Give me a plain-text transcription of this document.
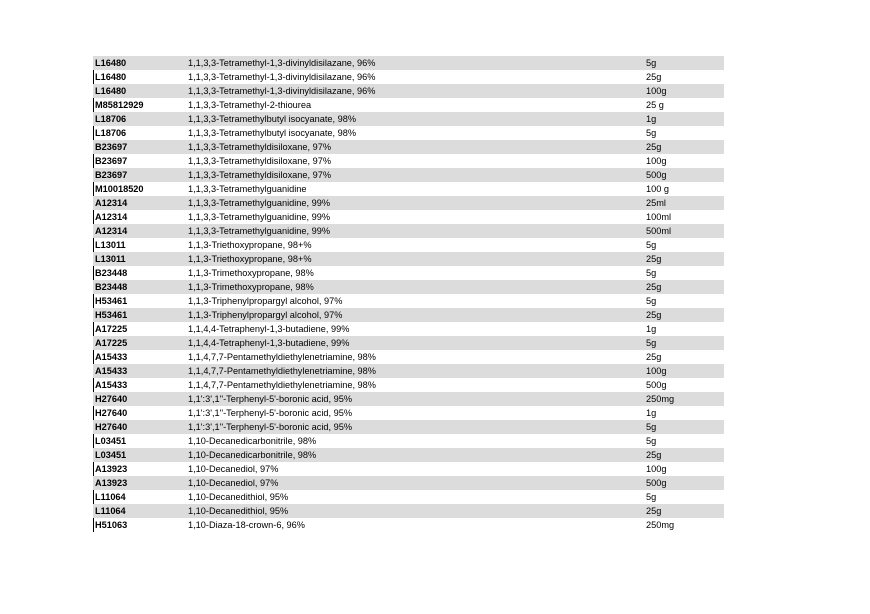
L16480	1,1,3,3-Tetramethyl-1,3-divinyldisilazane, 96%	5g
L16480	1,1,3,3-Tetramethyl-1,3-divinyldisilazane, 96%	25g
L16480	1,1,3,3-Tetramethyl-1,3-divinyldisilazane, 96%	100g
M85812929	1,1,3,3-Tetramethyl-2-thiourea	25 g
L18706	1,1,3,3-Tetramethylbutyl isocyanate, 98%	1g
L18706	1,1,3,3-Tetramethylbutyl isocyanate, 98%	5g
B23697	1,1,3,3-Tetramethyldisiloxane, 97%	25g
B23697	1,1,3,3-Tetramethyldisiloxane, 97%	100g
B23697	1,1,3,3-Tetramethyldisiloxane, 97%	500g
M10018520	1,1,3,3-Tetramethylguanidine	100 g
A12314	1,1,3,3-Tetramethylguanidine, 99%	25ml
A12314	1,1,3,3-Tetramethylguanidine, 99%	100ml
A12314	1,1,3,3-Tetramethylguanidine, 99%	500ml
L13011	1,1,3-Triethoxypropane, 98+%	5g
L13011	1,1,3-Triethoxypropane, 98+%	25g
B23448	1,1,3-Trimethoxypropane, 98%	5g
B23448	1,1,3-Trimethoxypropane, 98%	25g
H53461	1,1,3-Triphenylpropargyl alcohol, 97%	5g
H53461	1,1,3-Triphenylpropargyl alcohol, 97%	25g
A17225	1,1,4,4-Tetraphenyl-1,3-butadiene, 99%	1g
A17225	1,1,4,4-Tetraphenyl-1,3-butadiene, 99%	5g
A15433	1,1,4,7,7-Pentamethyldiethylenetriamine, 98%	25g
A15433	1,1,4,7,7-Pentamethyldiethylenetriamine, 98%	100g
A15433	1,1,4,7,7-Pentamethyldiethylenetriamine, 98%	500g
H27640	1,1':3',1''-Terphenyl-5'-boronic acid, 95%	250mg
H27640	1,1':3',1''-Terphenyl-5'-boronic acid, 95%	1g
H27640	1,1':3',1''-Terphenyl-5'-boronic acid, 95%	5g
L03451	1,10-Decanedicarbonitrile, 98%	5g
L03451	1,10-Decanedicarbonitrile, 98%	25g
A13923	1,10-Decanediol, 97%	100g
A13923	1,10-Decanediol, 97%	500g
L11064	1,10-Decanedithiol, 95%	5g
L11064	1,10-Decanedithiol, 95%	25g
H51063	1,10-Diaza-18-crown-6, 96%	250mg
